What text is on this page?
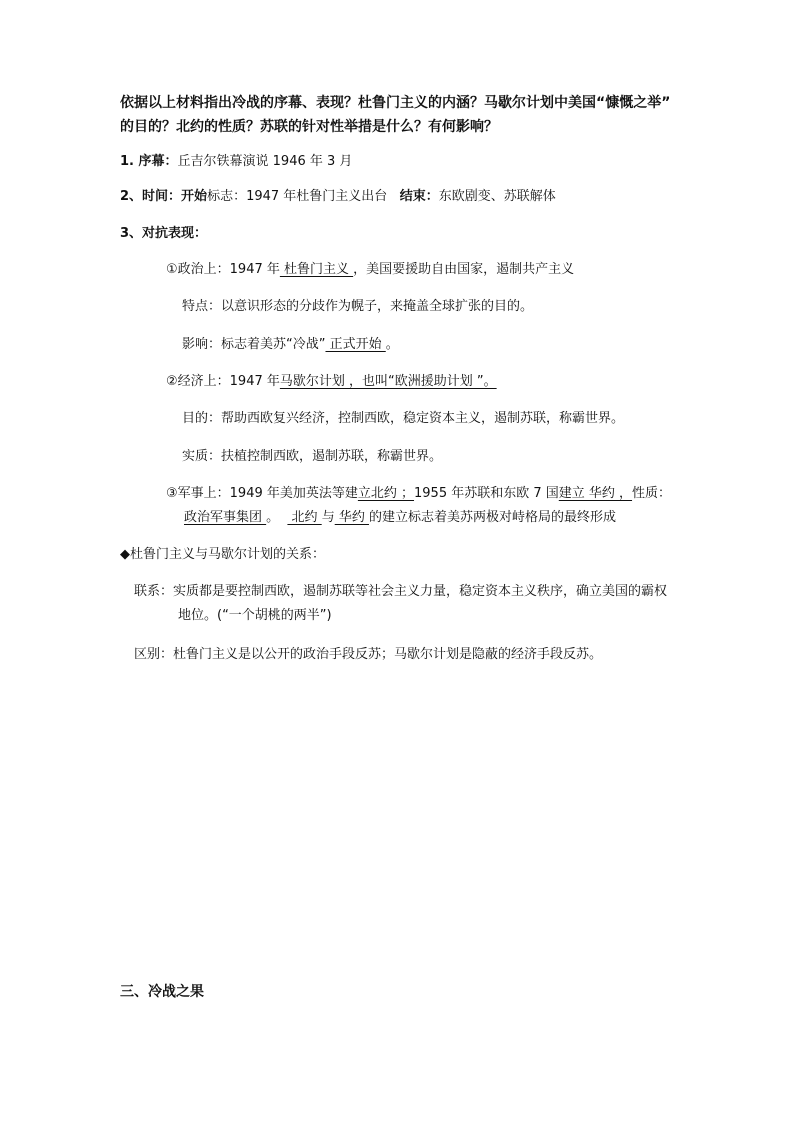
依据以上材料指出冷战的序幕、表现？杜鲁门主义的内涵？马歇尔计划中美国“慷慨之举”
的目的？北约的性质？苏联的针对性举措是什么？有何影响？
1. 序幕：丘吉尔铁幕演说 1946 年 3 月
2、时间：开始标志：1947 年杜鲁门主义出台 结束：东欧剧变、苏联解体
3、对抗表现：
①政治上：1947 年 杜鲁门主义 ，美国要援助自由国家，遏制共产主义
特点：以意识形态的分歧作为幌子，来掩盖全球扩张的目的。
影响：标志着美苏“冷战” 正式开始 。
②经济上：1947 年马歇尔计划 ，也叫“欧洲援助计划 ”。
目的：帮助西欧复兴经济，控制西欧，稳定资本主义，遏制苏联，称霸世界。
实质：扶植控制西欧，遏制苏联，称霸世界。
③军事上：1949 年美加英法等建立北约 ；1955 年苏联和东欧 7 国建立 华约 ，性质：
政治军事集团 。   北约 与 华约 的建立标志着美苏两极对峙格局的最终形成
◆杜鲁门主义与马歇尔计划的关系：
联系：实质都是要控制西欧，遏制苏联等社会主义力量，稳定资本主义秩序，确立美国的霸权
地位。(“一个胡桃的两半”)
区别：杜鲁门主义是以公开的政治手段反苏；马歇尔计划是隐蔽的经济手段反苏。
三、冷战之果
